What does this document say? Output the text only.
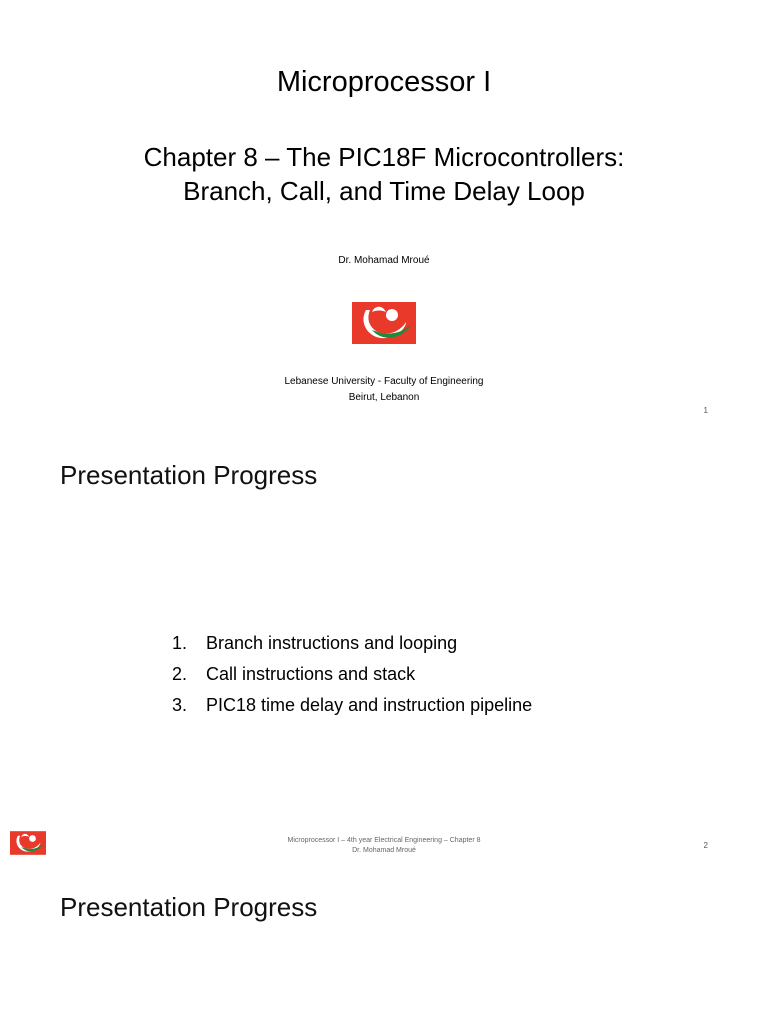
Microprocessor I
Chapter 8 – The PIC18F Microcontrollers:
Branch, Call, and Time Delay Loop
Dr. Mohamad Mroué
Lebanese University - Faculty of Engineering
Beirut, Lebanon
1
Presentation Progress
1. Branch instructions and looping
2. Call instructions and stack
3. PIC18 time delay and instruction pipeline
Microprocessor I – 4th year Electrical Engineering – Chapter 8
Dr. Mohamad Mroué
2
Presentation Progress
